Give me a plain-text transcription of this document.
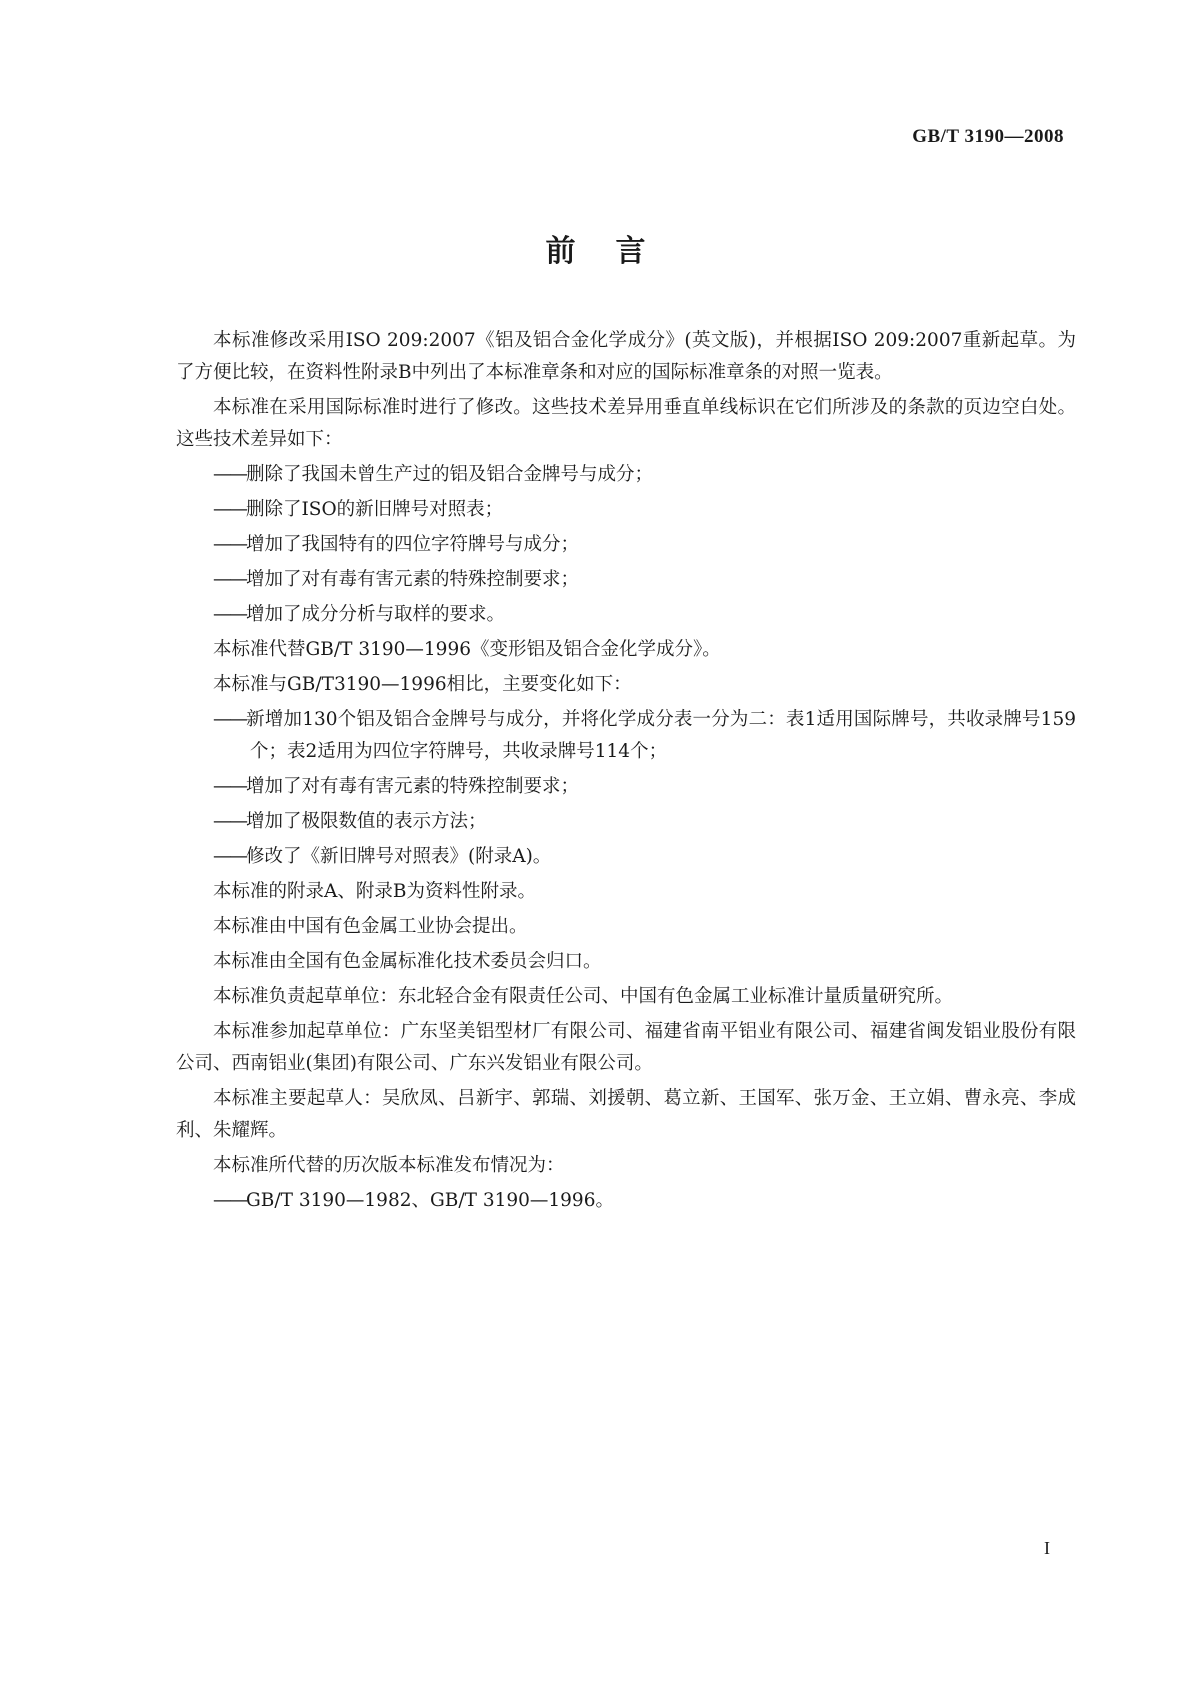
GB/T 3190—2008
前言

本标准修改采用ISO 209:2007《铝及铝合金化学成分》(英文版)，并根据ISO 209:2007重新起草。为了方便比较，在资料性附录B中列出了本标准章条和对应的国际标准章条的对照一览表。

本标准在采用国际标准时进行了修改。这些技术差异用垂直单线标识在它们所涉及的条款的页边空白处。这些技术差异如下：

——删除了我国未曾生产过的铝及铝合金牌号与成分；

——删除了ISO的新旧牌号对照表；

——增加了我国特有的四位字符牌号与成分；

——增加了对有毒有害元素的特殊控制要求；

——增加了成分分析与取样的要求。

本标准代替GB/T 3190—1996《变形铝及铝合金化学成分》。

本标准与GB/T3190—1996相比，主要变化如下：

——新增加130个铝及铝合金牌号与成分，并将化学成分表一分为二：表1适用国际牌号，共收录牌号159个；表2适用为四位字符牌号，共收录牌号114个；

——增加了对有毒有害元素的特殊控制要求；

——增加了极限数值的表示方法；

——修改了《新旧牌号对照表》(附录A)。

本标准的附录A、附录B为资料性附录。

本标准由中国有色金属工业协会提出。

本标准由全国有色金属标准化技术委员会归口。

本标准负责起草单位：东北轻合金有限责任公司、中国有色金属工业标准计量质量研究所。

本标准参加起草单位：广东坚美铝型材厂有限公司、福建省南平铝业有限公司、福建省闽发铝业股份有限公司、西南铝业(集团)有限公司、广东兴发铝业有限公司。

本标准主要起草人：吴欣凤、吕新宇、郭瑞、刘援朝、葛立新、王国军、张万金、王立娟、曹永亮、李成利、朱耀辉。

本标准所代替的历次版本标准发布情况为：

——GB/T 3190—1982、GB/T 3190—1996。

I
